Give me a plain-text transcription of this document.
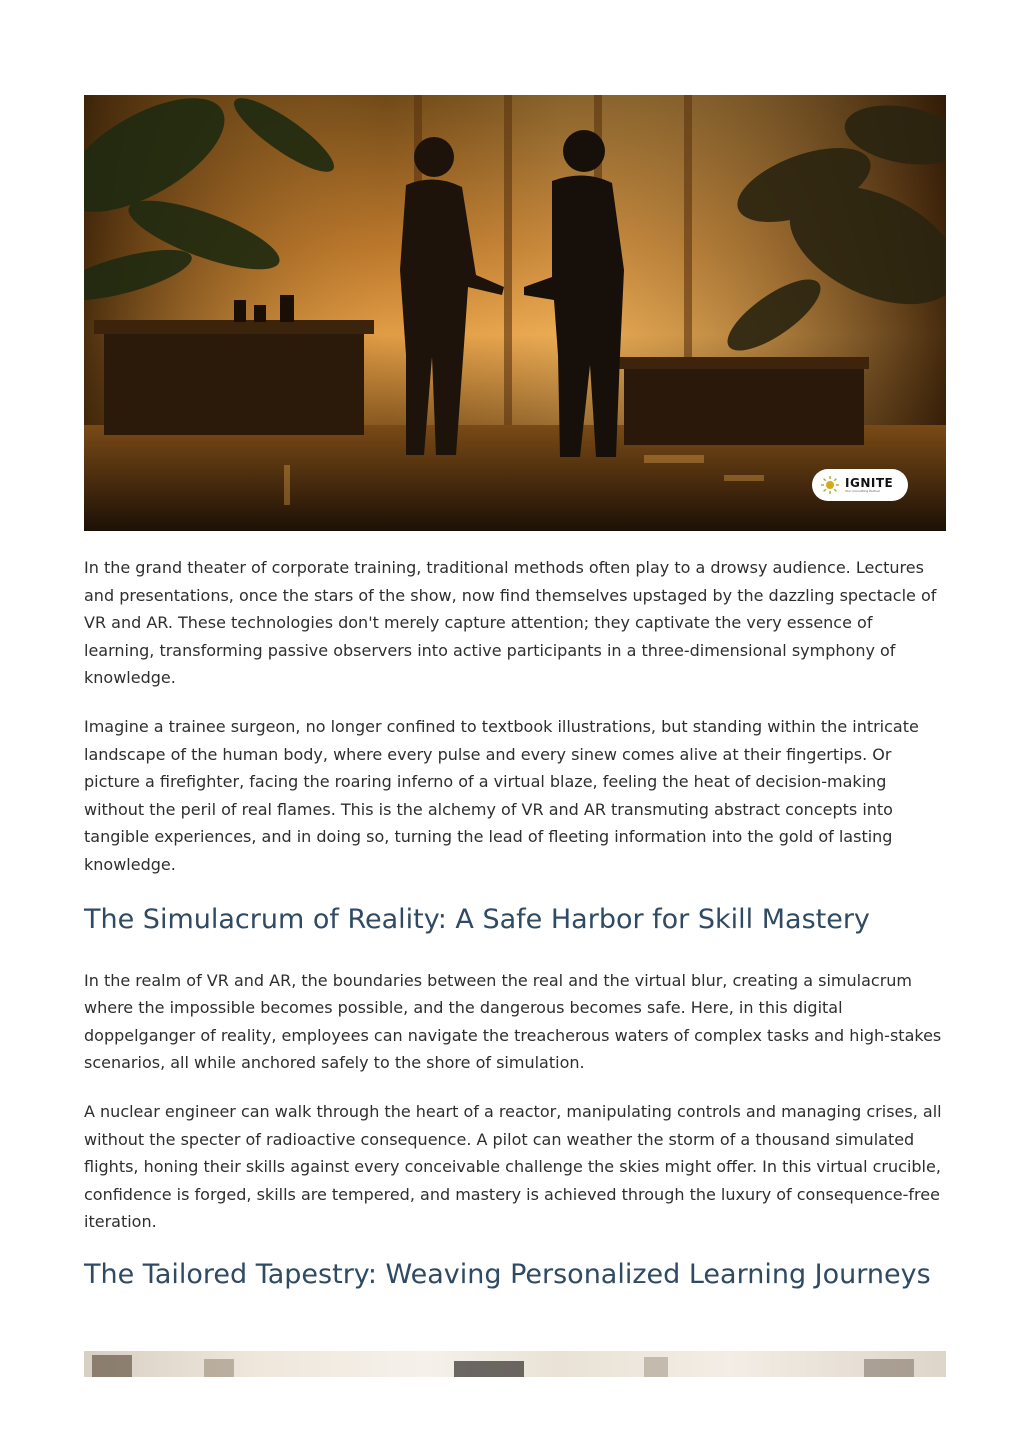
IGNITE
Your Consulting Partner

In the grand theater of corporate training, traditional methods often play to a drowsy audience. Lectures and presentations, once the stars of the show, now find themselves upstaged by the dazzling spectacle of VR and AR. These technologies don't merely capture attention; they captivate the very essence of learning, transforming passive observers into active participants in a three-dimensional symphony of knowledge.

Imagine a trainee surgeon, no longer confined to textbook illustrations, but standing within the intricate landscape of the human body, where every pulse and every sinew comes alive at their fingertips. Or picture a firefighter, facing the roaring inferno of a virtual blaze, feeling the heat of decision-making without the peril of real flames. This is the alchemy of VR and AR transmuting abstract concepts into tangible experiences, and in doing so, turning the lead of fleeting information into the gold of lasting knowledge.

The Simulacrum of Reality: A Safe Harbor for Skill Mastery

In the realm of VR and AR, the boundaries between the real and the virtual blur, creating a simulacrum where the impossible becomes possible, and the dangerous becomes safe. Here, in this digital doppelganger of reality, employees can navigate the treacherous waters of complex tasks and high-stakes scenarios, all while anchored safely to the shore of simulation.

A nuclear engineer can walk through the heart of a reactor, manipulating controls and managing crises, all without the specter of radioactive consequence. A pilot can weather the storm of a thousand simulated flights, honing their skills against every conceivable challenge the skies might offer. In this virtual crucible, confidence is forged, skills are tempered, and mastery is achieved through the luxury of consequence-free iteration.

The Tailored Tapestry: Weaving Personalized Learning Journeys
